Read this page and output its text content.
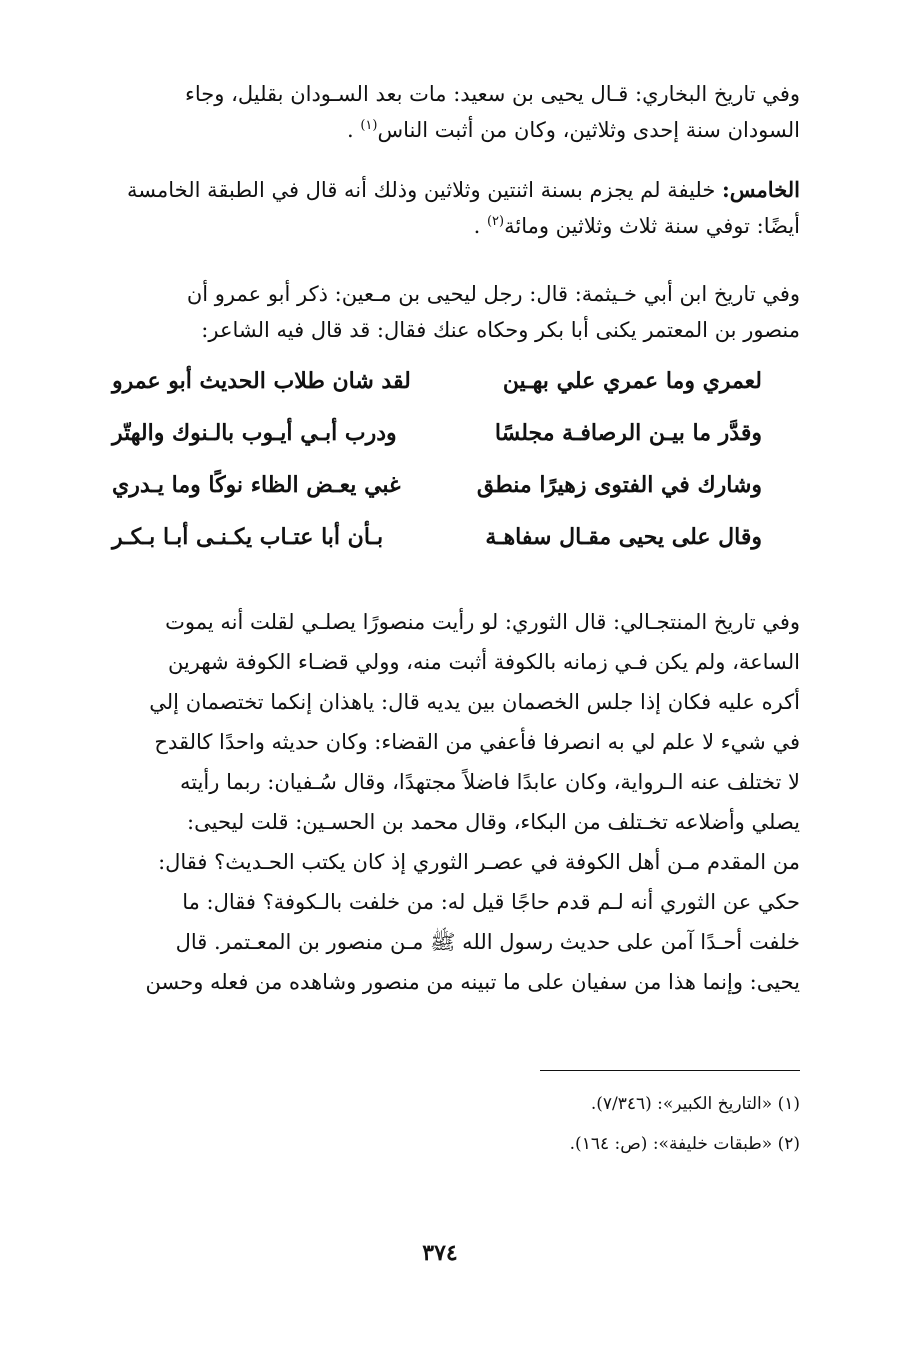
وفي تاريخ البخاري: قـال يحيى بن سعيد: مات بعد السـودان بقليل، وجاء
السودان سنة إحدى وثلاثين، وكان من أثبت الناس$^{(١)}$ .

الخامس: خليفة لم يجزم بسنة اثنتين وثلاثين وذلك أنه قال في الطبقة الخامسة
أيضًا: توفي سنة ثلاث وثلاثين ومائة$^{(٢)}$ .

وفي تاريخ ابن أبي خـيثمة: قال: رجل ليحيى بن مـعين: ذكر أبو عمرو أن
منصور بن المعتمر يكنى أبا بكر وحكاه عنك فقال: قد قال فيه الشاعر:

لعمري وما عمري علي بهـين
لقد شان طلاب الحديث أبو عمرو
وقدَّر ما بيـن الرصافـة مجلسًا
ودرب أبـي أيـوب بالـنوك والهتّر
وشارك في الفتوى زهيرًا منطق
غبي يعـض الظاء نوكًا وما يـدري
وقال على يحيى مقـال سفاهـة
بـأن أبا عتـاب يكـنـى أبـا بـكـر

وفي تاريخ المنتجـالي: قال الثوري: لو رأيت منصورًا يصلـي لقلت أنه يموت
الساعة، ولم يكن فـي زمانه بالكوفة أثبت منه، وولي قضـاء الكوفة شهرين
أكره عليه فكان إذا جلس الخصمان بين يديه قال: ياهذان إنكما تختصمان إلي
في شيء لا علم لي به انصرفا فأعفي من القضاء: وكان حديثه واحدًا كالقدح
لا تختلف عنه الـرواية، وكان عابدًا فاضلاً مجتهدًا، وقال سُـفيان: ربما رأيته
يصلي وأضلاعه تخـتلف من البكاء، وقال محمد بن الحسـين: قلت ليحيى:
من المقدم مـن أهل الكوفة في عصـر الثوري إذ كان يكتب الحـديث؟ فقال:
حكي عن الثوري أنه لـم قدم حاجًا قيل له: من خلفت بالـكوفة؟ فقال: ما
خلفت أحـدًا آمن على حديث رسول الله ﷺ مـن منصور بن المعـتمر. قال
يحيى: وإنما هذا من سفيان على ما تبينه من منصور وشاهده من فعله وحسن

(١) «التاريخ الكبير»: (٧/٣٤٦).
(٢) «طبقات خليفة»: (ص: ١٦٤).
٣٧٤
